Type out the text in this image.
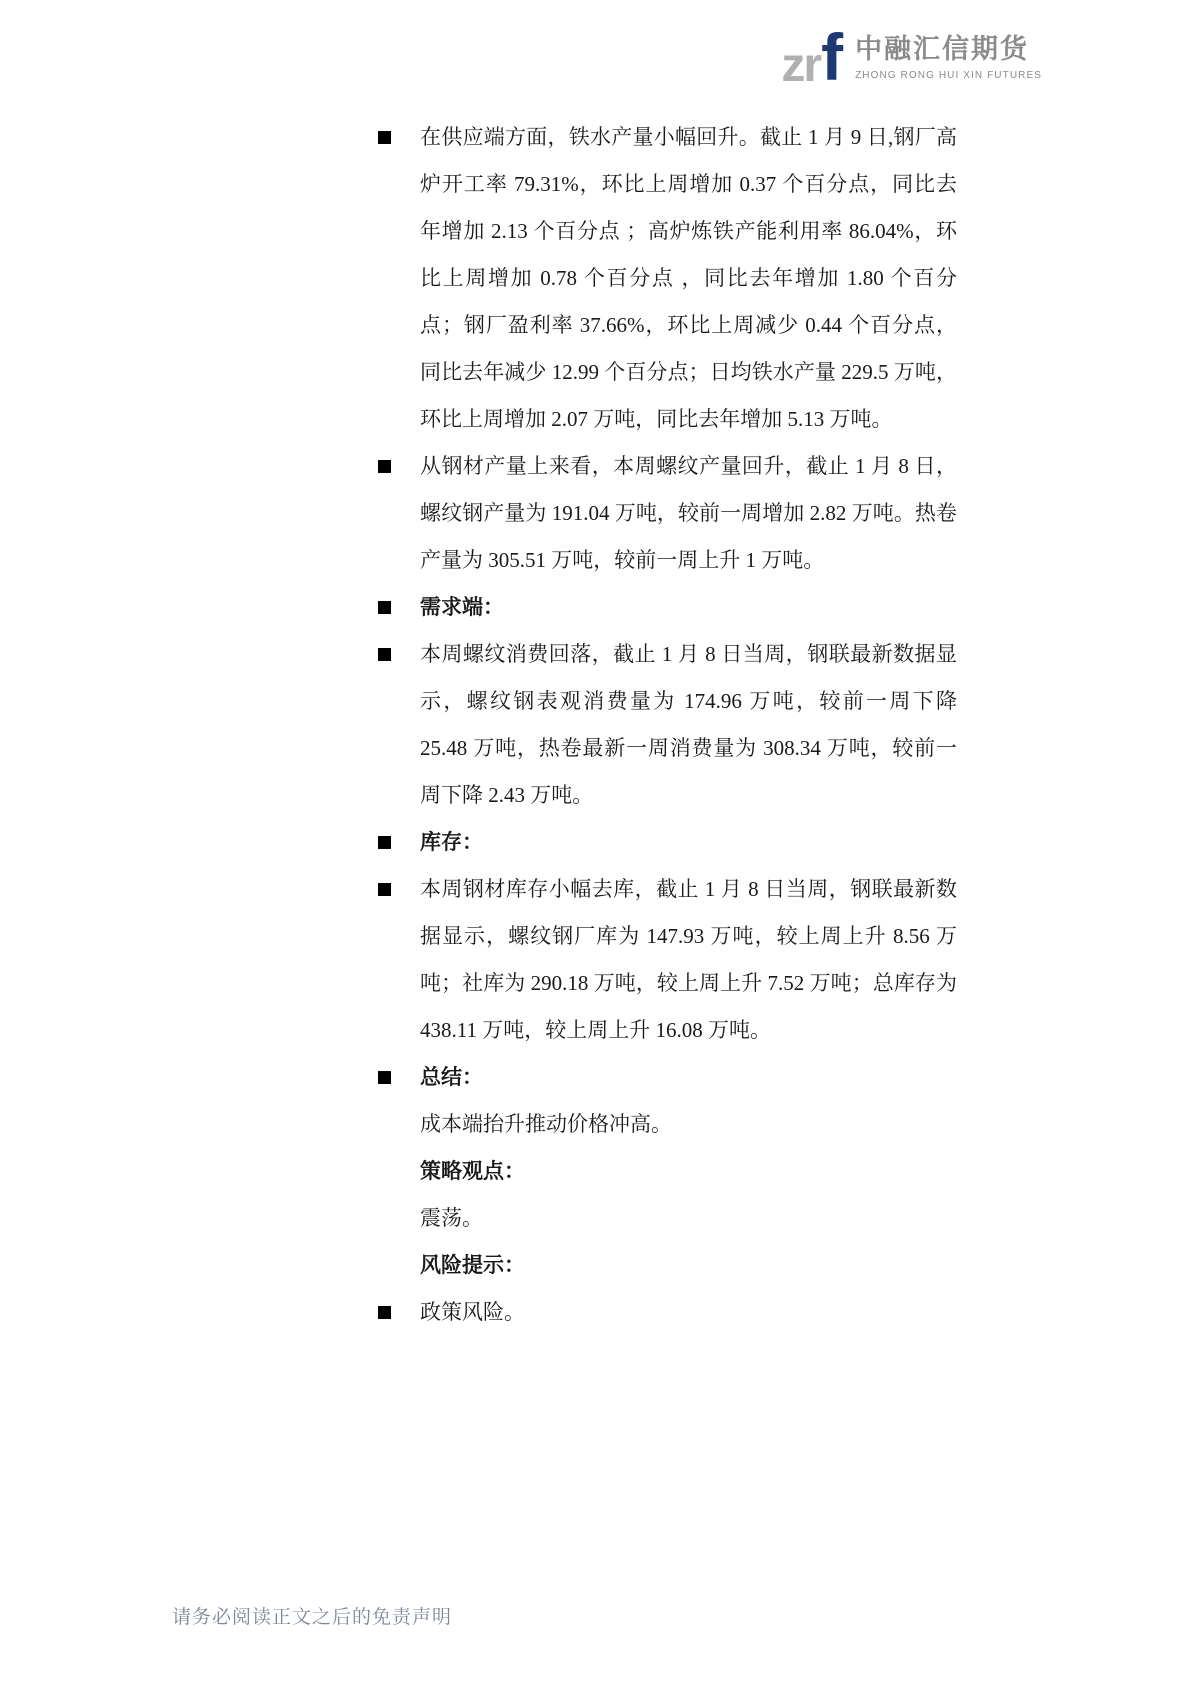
zr f 中融汇信期货
ZHONG RONG HUI XIN FUTURES

在供应端方面，铁水产量小幅回升。截止 1 月 9 日,钢厂高炉开工率 79.31%，环比上周增加 0.37 个百分点，同比去年增加 2.13 个百分点 ；高炉炼铁产能利用率 86.04%，环比上周增加 0.78 个百分点 ，同比去年增加 1.80 个百分点；钢厂盈利率 37.66%，环比上周减少 0.44 个百分点，同比去年减少 12.99 个百分点；日均铁水产量 229.5 万吨，环比上周增加 2.07 万吨，同比去年增加 5.13 万吨。

从钢材产量上来看，本周螺纹产量回升，截止 1 月 8 日，螺纹钢产量为 191.04 万吨，较前一周增加 2.82 万吨。热卷产量为 305.51 万吨，较前一周上升 1 万吨。

需求端：

本周螺纹消费回落，截止 1 月 8 日当周，钢联最新数据显示，螺纹钢表观消费量为 174.96 万吨，较前一周下降 25.48 万吨，热卷最新一周消费量为 308.34 万吨，较前一周下降 2.43 万吨。

库存：

本周钢材库存小幅去库，截止 1 月 8 日当周，钢联最新数据显示，螺纹钢厂库为 147.93 万吨，较上周上升 8.56 万吨；社库为 290.18 万吨，较上周上升 7.52 万吨；总库存为 438.11 万吨，较上周上升 16.08 万吨。

总结：

成本端抬升推动价格冲高。

策略观点：

震荡。

风险提示：

政策风险。

请务必阅读正文之后的免责声明
